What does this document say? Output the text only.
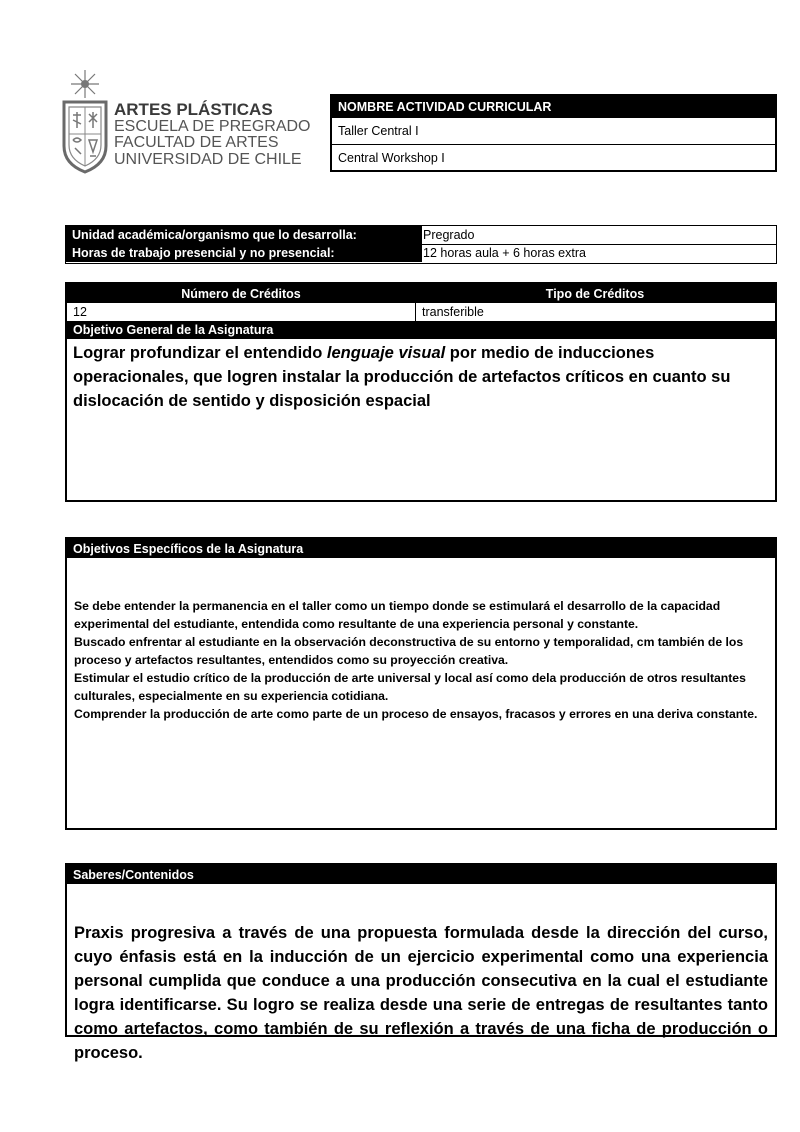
ARTES PLÁSTICAS
ESCUELA DE PREGRADO
FACULTAD DE ARTES
UNIVERSIDAD DE CHILE
NOMBRE ACTIVIDAD CURRICULAR
Taller Central I
Central Workshop I
Unidad académica/organismo que lo desarrolla:	Pregrado
Horas de trabajo presencial y no presencial:	12 horas aula + 6 horas extra
Número de Créditos	Tipo de Créditos
12	transferible
Objetivo General de la Asignatura
Lograr profundizar el entendido lenguaje visual por medio de inducciones operacionales, que logren instalar la producción de artefactos críticos en cuanto su dislocación de sentido y disposición espacial
Objetivos Específicos de la Asignatura
Se debe entender la permanencia en el taller como un tiempo donde se estimulará el desarrollo de la capacidad experimental del estudiante, entendida como resultante de una experiencia personal y constante.
Buscado enfrentar al estudiante en la observación deconstructiva de su entorno y temporalidad, cm también de los proceso y artefactos resultantes, entendidos como su proyección creativa.
Estimular el estudio crítico de la producción de arte universal y local así como dela producción de otros resultantes culturales, especialmente en su experiencia cotidiana.
Comprender la producción de arte como parte de un proceso de ensayos, fracasos y errores en una deriva constante.
Saberes/Contenidos
Praxis progresiva a través de una propuesta formulada desde la dirección del curso, cuyo énfasis está en la inducción de un ejercicio experimental como una experiencia personal cumplida que conduce a una producción consecutiva en la cual el estudiante logra identificarse. Su logro se realiza desde una serie de entregas de resultantes tanto como artefactos, como también de su reflexión a través de una ficha de producción o proceso.
